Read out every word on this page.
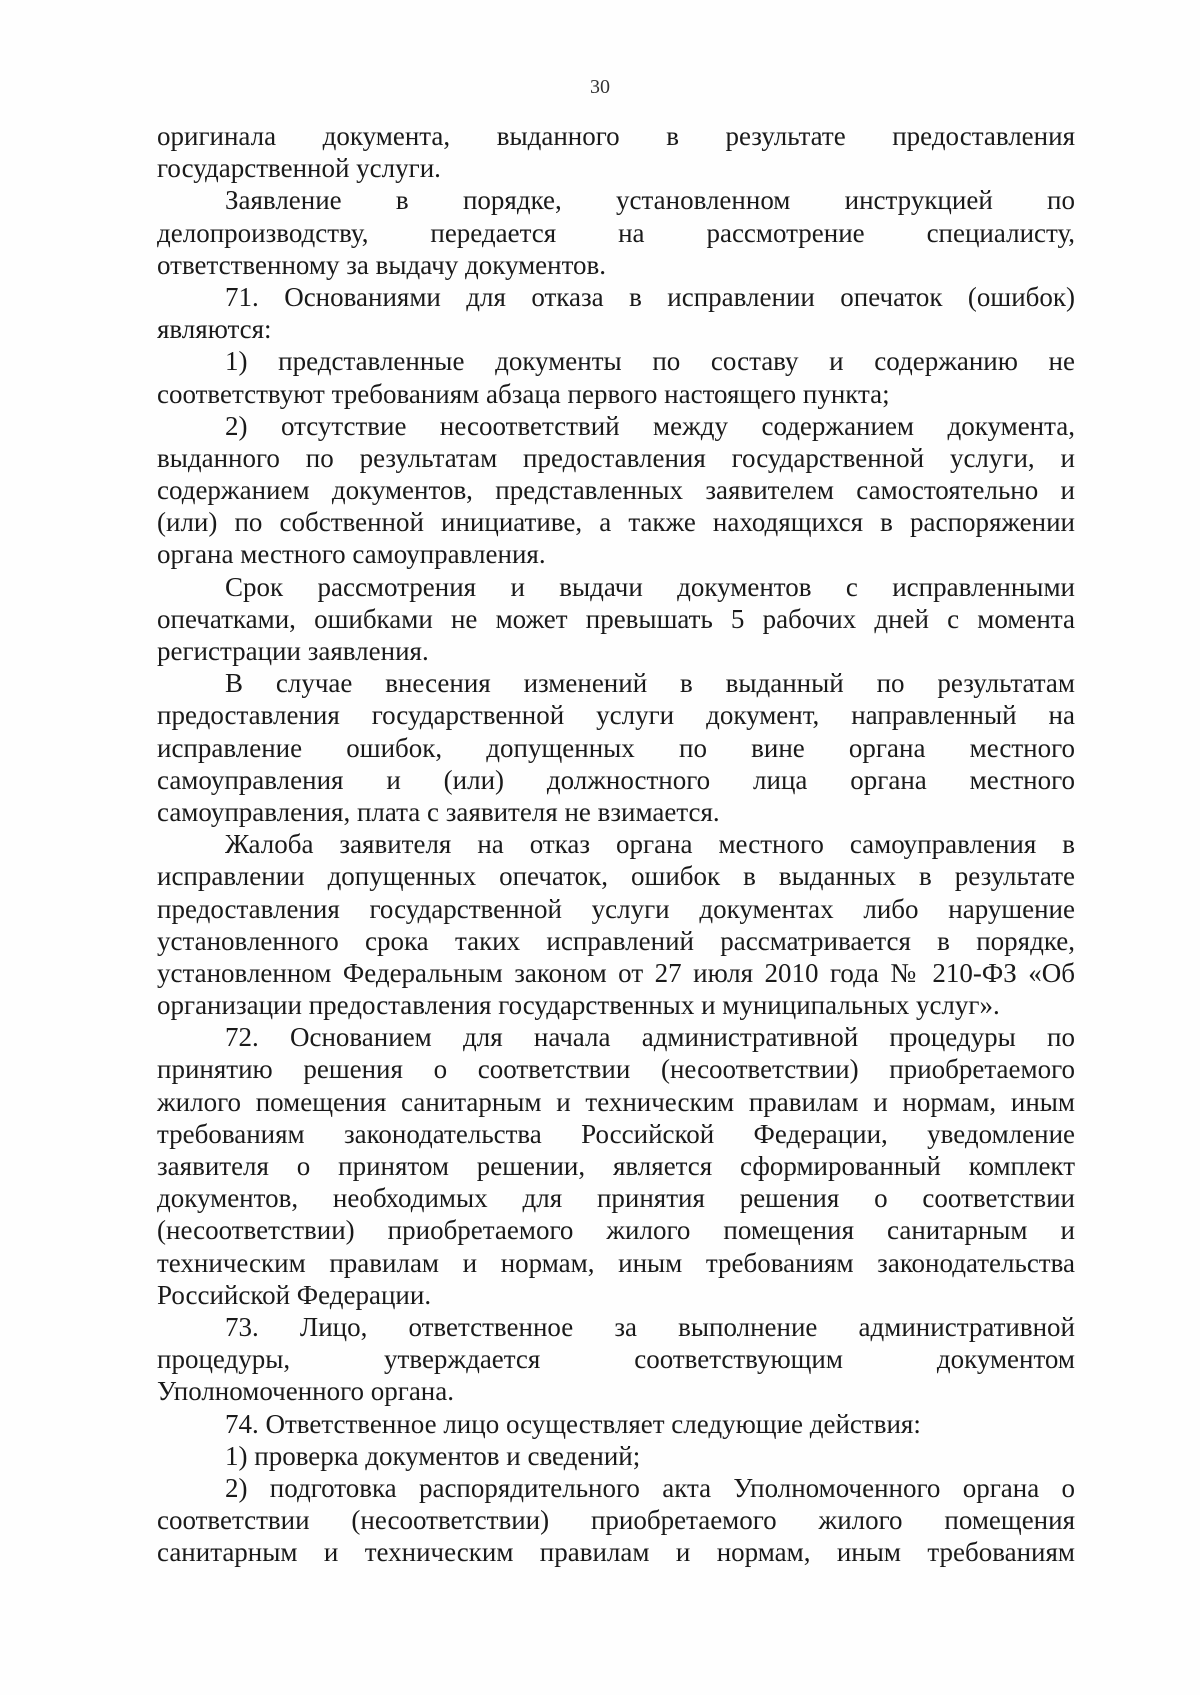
30
оригинала документа, выданного в результате предоставления
государственной услуги.
Заявление в порядке, установленном инструкцией по
делопроизводству, передается на рассмотрение специалисту,
ответственному за выдачу документов.
71. Основаниями для отказа в исправлении опечаток (ошибок)
являются:
1) представленные документы по составу и содержанию не
соответствуют требованиям абзаца первого настоящего пункта;
2) отсутствие несоответствий между содержанием документа,
выданного по результатам предоставления государственной услуги, и
содержанием документов, представленных заявителем самостоятельно и
(или) по собственной инициативе, а также находящихся в распоряжении
органа местного самоуправления.
Срок рассмотрения и выдачи документов с исправленными
опечатками, ошибками не может превышать 5 рабочих дней с момента
регистрации заявления.
В случае внесения изменений в выданный по результатам
предоставления государственной услуги документ, направленный на
исправление ошибок, допущенных по вине органа местного
самоуправления и (или) должностного лица органа местного
самоуправления, плата с заявителя не взимается.
Жалоба заявителя на отказ органа местного самоуправления в
исправлении допущенных опечаток, ошибок в выданных в результате
предоставления государственной услуги документах либо нарушение
установленного срока таких исправлений рассматривается в порядке,
установленном Федеральным законом от 27 июля 2010 года № 210-ФЗ «Об
организации предоставления государственных и муниципальных услуг».
72. Основанием для начала административной процедуры по
принятию решения о соответствии (несоответствии) приобретаемого
жилого помещения санитарным и техническим правилам и нормам, иным
требованиям законодательства Российской Федерации, уведомление
заявителя о принятом решении, является сформированный комплект
документов, необходимых для принятия решения о соответствии
(несоответствии) приобретаемого жилого помещения санитарным и
техническим правилам и нормам, иным требованиям законодательства
Российской Федерации.
73. Лицо, ответственное за выполнение административной
процедуры, утверждается соответствующим документом
Уполномоченного органа.
74. Ответственное лицо осуществляет следующие действия:
1) проверка документов и сведений;
2) подготовка распорядительного акта Уполномоченного органа о
соответствии (несоответствии) приобретаемого жилого помещения
санитарным и техническим правилам и нормам, иным требованиям
